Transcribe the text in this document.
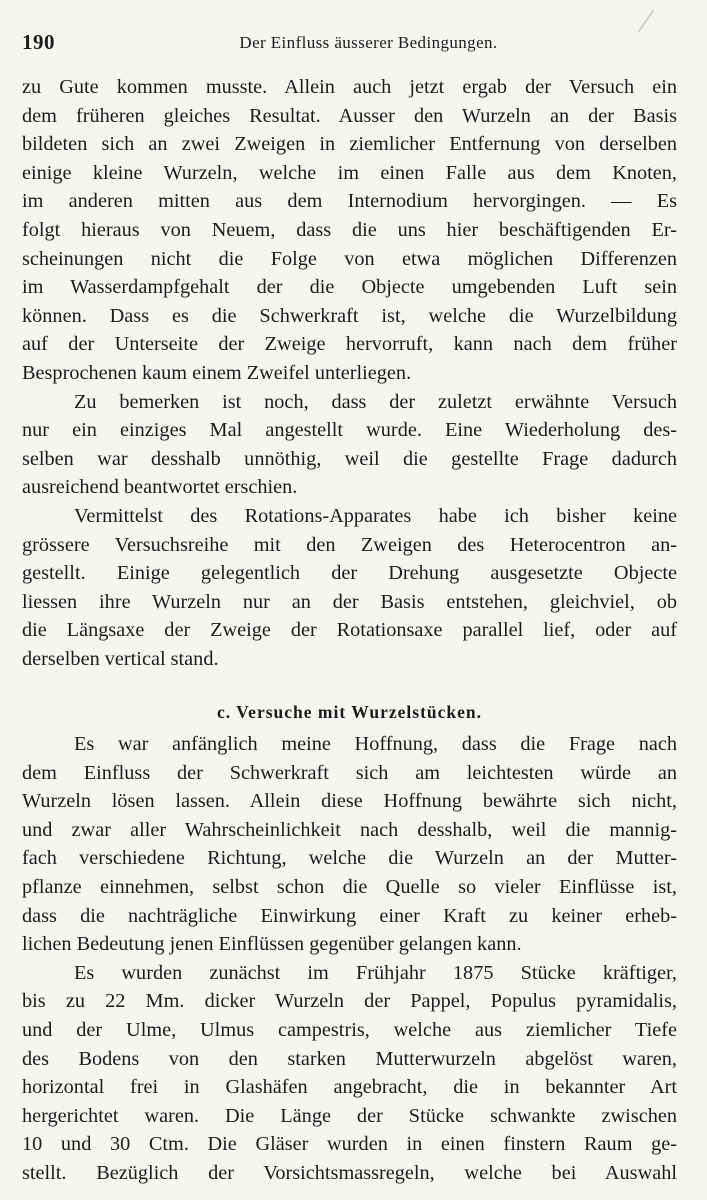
190	Der Einfluss äusserer Bedingungen.
zu Gute kommen musste. Allein auch jetzt ergab der Versuch ein
dem früheren gleiches Resultat. Ausser den Wurzeln an der Basis
bildeten sich an zwei Zweigen in ziemlicher Entfernung von derselben
einige kleine Wurzeln, welche im einen Falle aus dem Knoten,
im anderen mitten aus dem Internodium hervorgingen. — Es
folgt hieraus von Neuem, dass die uns hier beschäftigenden Er-
scheinungen nicht die Folge von etwa möglichen Differenzen
im Wasserdampfgehalt der die Objecte umgebenden Luft sein
können. Dass es die Schwerkraft ist, welche die Wurzelbildung
auf der Unterseite der Zweige hervorruft, kann nach dem früher
Besprochenen kaum einem Zweifel unterliegen.
Zu bemerken ist noch, dass der zuletzt erwähnte Versuch
nur ein einziges Mal angestellt wurde. Eine Wiederholung des-
selben war desshalb unnöthig, weil die gestellte Frage dadurch
ausreichend beantwortet erschien.
Vermittelst des Rotations-Apparates habe ich bisher keine
grössere Versuchsreihe mit den Zweigen des Heterocentron an-
gestellt. Einige gelegentlich der Drehung ausgesetzte Objecte
liessen ihre Wurzeln nur an der Basis entstehen, gleichviel, ob
die Längsaxe der Zweige der Rotationsaxe parallel lief, oder auf
derselben vertical stand.
c. Versuche mit Wurzelstücken.
Es war anfänglich meine Hoffnung, dass die Frage nach
dem Einfluss der Schwerkraft sich am leichtesten würde an
Wurzeln lösen lassen. Allein diese Hoffnung bewährte sich nicht,
und zwar aller Wahrscheinlichkeit nach desshalb, weil die mannig-
fach verschiedene Richtung, welche die Wurzeln an der Mutter-
pflanze einnehmen, selbst schon die Quelle so vieler Einflüsse ist,
dass die nachträgliche Einwirkung einer Kraft zu keiner erheb-
lichen Bedeutung jenen Einflüssen gegenüber gelangen kann.
Es wurden zunächst im Frühjahr 1875 Stücke kräftiger,
bis zu 22 Mm. dicker Wurzeln der Pappel, Populus pyramidalis,
und der Ulme, Ulmus campestris, welche aus ziemlicher Tiefe
des Bodens von den starken Mutterwurzeln abgelöst waren,
horizontal frei in Glashäfen angebracht, die in bekannter Art
hergerichtet waren. Die Länge der Stücke schwankte zwischen
10 und 30 Ctm. Die Gläser wurden in einen finstern Raum ge-
stellt. Bezüglich der Vorsichtsmassregeln, welche bei Auswahl
